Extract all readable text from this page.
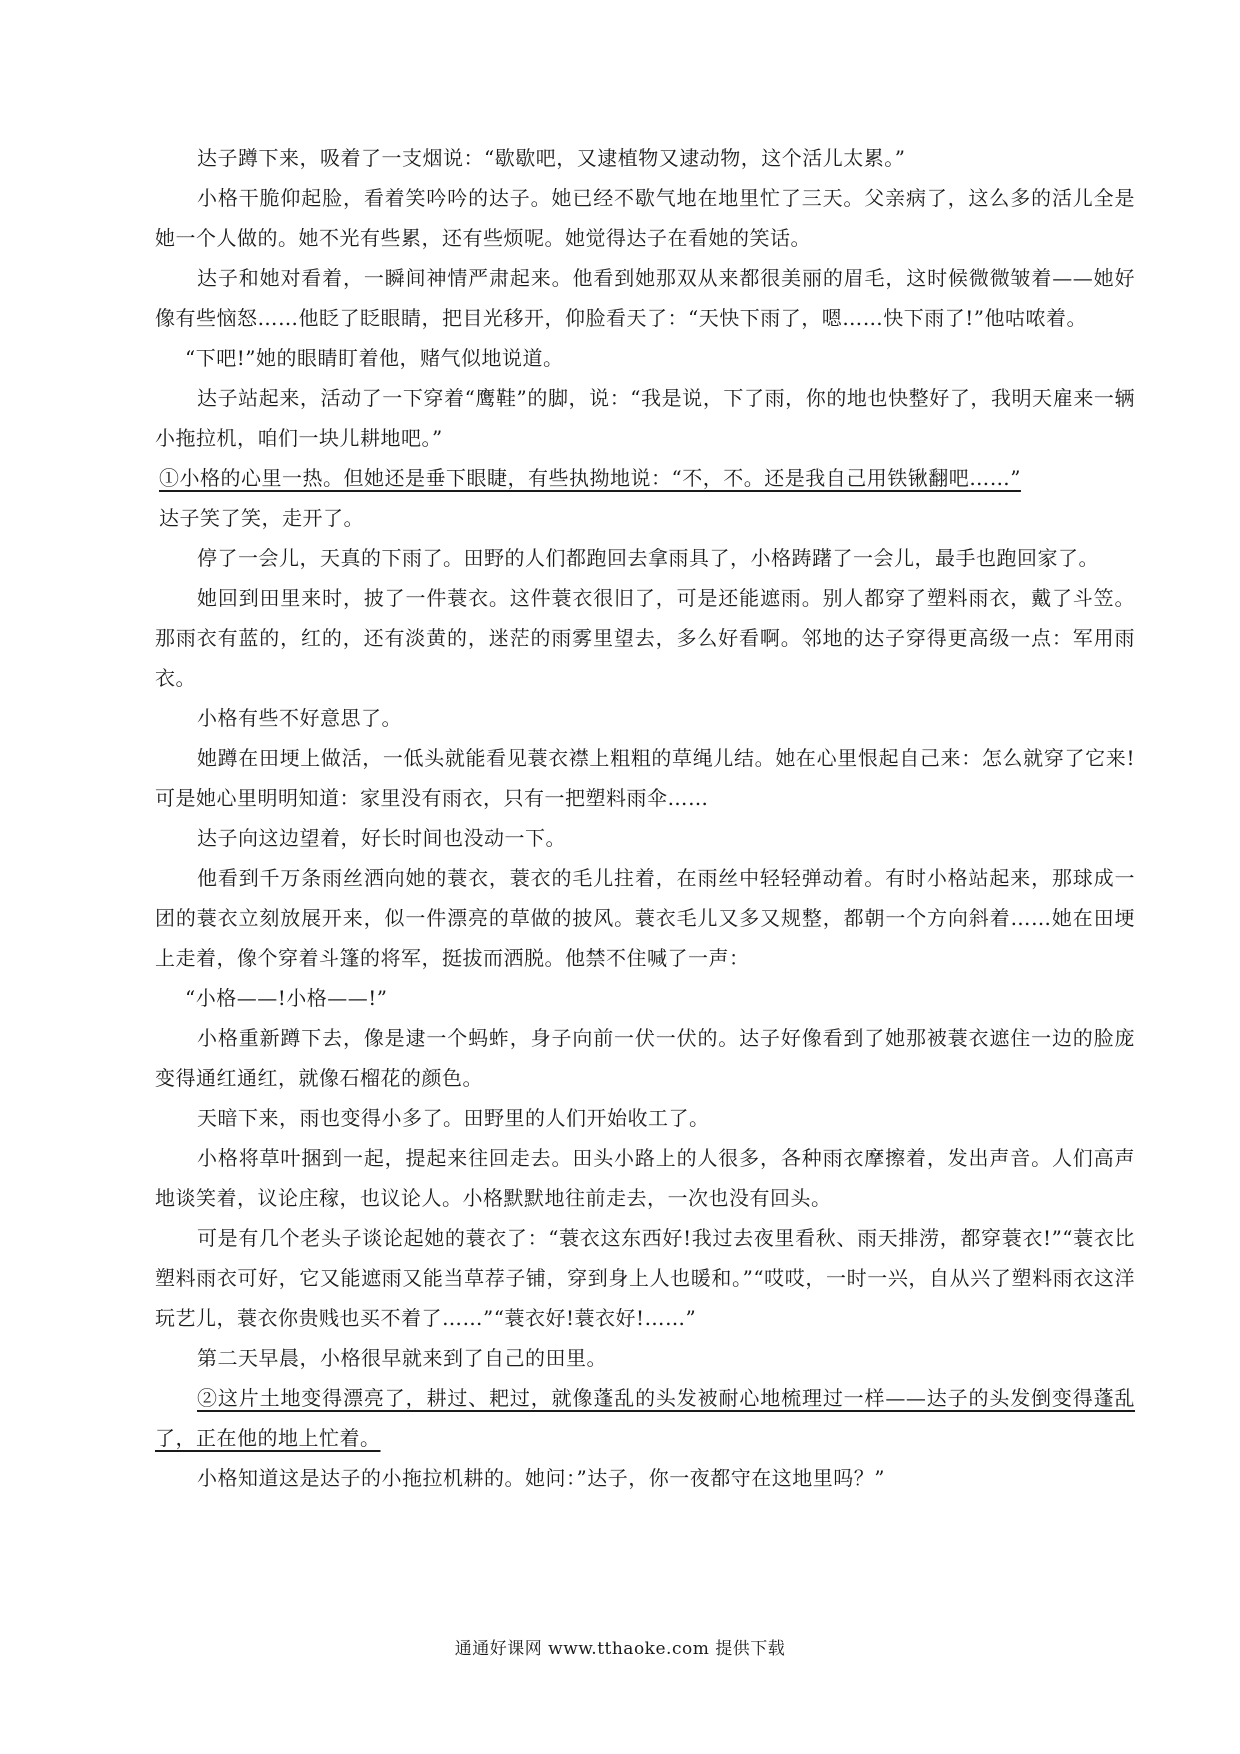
达子蹲下来，吸着了一支烟说：“歇歇吧，又逮植物又逮动物，这个活儿太累。”

小格干脆仰起脸，看着笑吟吟的达子。她已经不歇气地在地里忙了三天。父亲病了，这么多的活儿全是她一个人做的。她不光有些累，还有些烦呢。她觉得达子在看她的笑话。

达子和她对看着，一瞬间神情严肃起来。他看到她那双从来都很美丽的眉毛，这时候微微皱着——她好像有些恼怒……他眨了眨眼睛，把目光移开，仰脸看天了：“天快下雨了，嗯……快下雨了!”他咕哝着。

“下吧!”她的眼睛盯着他，赌气似地说道。

达子站起来，活动了一下穿着“鹰鞋”的脚，说：“我是说，下了雨，你的地也快整好了，我明天雇来一辆小拖拉机，咱们一块儿耕地吧。”

①小格的心里一热。但她还是垂下眼睫，有些执拗地说：“不，不。还是我自己用铁锹翻吧……”

达子笑了笑，走开了。

停了一会儿，天真的下雨了。田野的人们都跑回去拿雨具了，小格踌躇了一会儿，最手也跑回家了。

她回到田里来时，披了一件蓑衣。这件蓑衣很旧了，可是还能遮雨。别人都穿了塑料雨衣，戴了斗笠。那雨衣有蓝的，红的，还有淡黄的，迷茫的雨雾里望去，多么好看啊。邻地的达子穿得更高级一点：军用雨衣。

小格有些不好意思了。

她蹲在田埂上做活，一低头就能看见蓑衣襟上粗粗的草绳儿结。她在心里恨起自己来：怎么就穿了它来!可是她心里明明知道：家里没有雨衣，只有一把塑料雨伞……

达子向这边望着，好长时间也没动一下。

他看到千万条雨丝洒向她的蓑衣，蓑衣的毛儿拄着，在雨丝中轻轻弹动着。有时小格站起来，那球成一团的蓑衣立刻放展开来，似一件漂亮的草做的披风。蓑衣毛儿又多又规整，都朝一个方向斜着……她在田埂上走着，像个穿着斗篷的将军，挺拔而洒脱。他禁不住喊了一声：

“小格——!小格——!”

小格重新蹲下去，像是逮一个蚂蚱，身子向前一伏一伏的。达子好像看到了她那被蓑衣遮住一边的脸庞变得通红通红，就像石榴花的颜色。

天暗下来，雨也变得小多了。田野里的人们开始收工了。

小格将草叶捆到一起，提起来往回走去。田头小路上的人很多，各种雨衣摩擦着，发出声音。人们高声地谈笑着，议论庄稼，也议论人。小格默默地往前走去，一次也没有回头。

可是有几个老头子谈论起她的蓑衣了：“蓑衣这东西好!我过去夜里看秋、雨天排涝，都穿蓑衣!”“蓑衣比塑料雨衣可好，它又能遮雨又能当草荐子铺，穿到身上人也暖和。”“哎哎，一时一兴，自从兴了塑料雨衣这洋玩艺儿，蓑衣你贵贱也买不着了……”“蓑衣好!蓑衣好!……”

第二天早晨，小格很早就来到了自己的田里。

②这片土地变得漂亮了，耕过、耙过，就像蓬乱的头发被耐心地梳理过一样——达子的头发倒变得蓬乱了，正在他的地上忙着。

小格知道这是达子的小拖拉机耕的。她问：”达子，你一夜都守在这地里吗？”

通通好课网 www.tthaoke.com 提供下载
